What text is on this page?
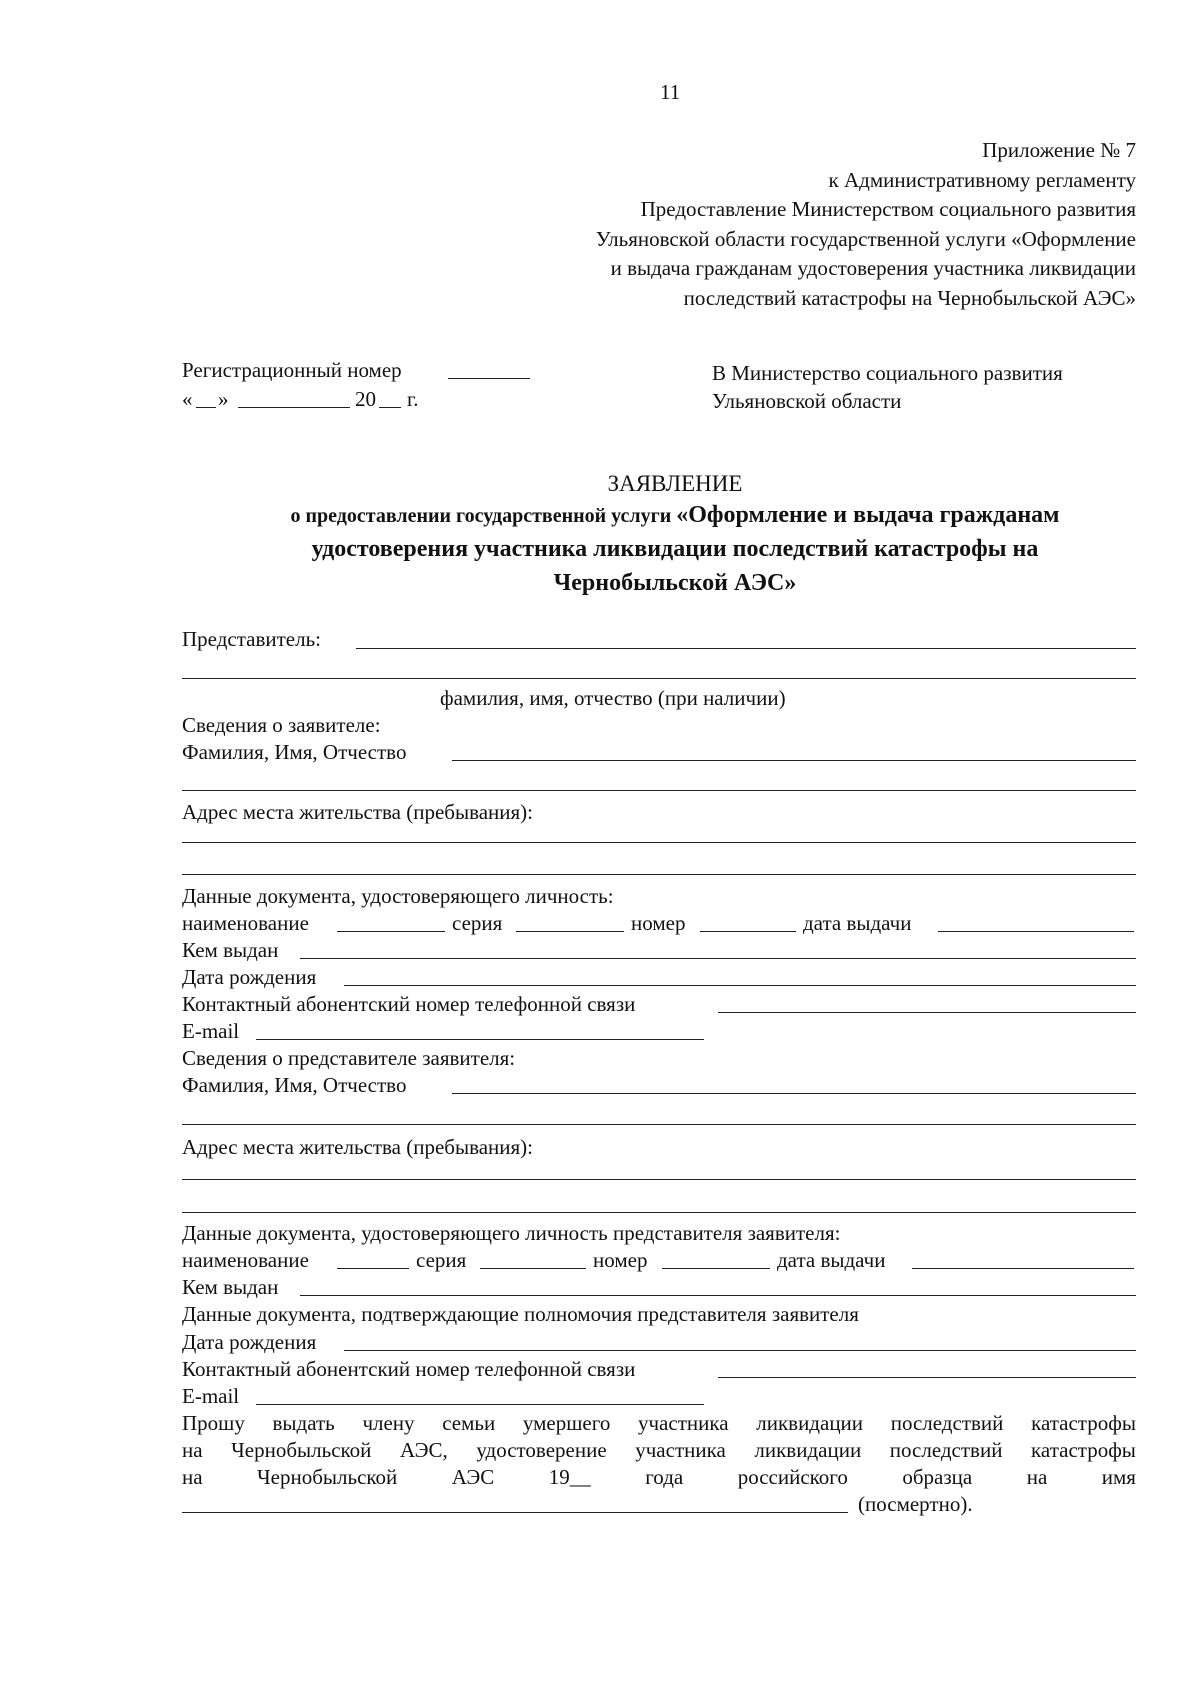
11
Приложение № 7
к Административному регламенту
Предоставление Министерством социального развития
Ульяновской области государственной услуги «Оформление
и выдача гражданам удостоверения участника ликвидации
последствий катастрофы на Чернобыльской АЭС»
Регистрационный номер
« »	20 г.
В Министерство социального развития
Ульяновской области
ЗАЯВЛЕНИЕ
о предоставлении государственной услуги «Оформление и выдача гражданам
удостоверения участника ликвидации последствий катастрофы на
Чернобыльской АЭС»
Представитель:
фамилия, имя, отчество (при наличии)
Сведения о заявителе:
Фамилия, Имя, Отчество
Адрес места жительства (пребывания):
Данные документа, удостоверяющего личность:
наименование	серия	номер	дата выдачи
Кем выдан
Дата рождения
Контактный абонентский номер телефонной связи
E-mail
Сведения о представителе заявителя:
Фамилия, Имя, Отчество
Адрес места жительства (пребывания):
Данные документа, удостоверяющего личность представителя заявителя:
наименование	серия	номер	дата выдачи
Кем выдан
Данные документа, подтверждающие полномочия представителя заявителя
Дата рождения
Контактный абонентский номер телефонной связи
E-mail
Прошу выдать члену семьи умершего участника ликвидации последствий катастрофы
на Чернобыльской АЭС, удостоверение участника ликвидации последствий катастрофы
на	Чернобыльской	АЭС	19__	года	российского	образца	на	имя
(посмертно).
